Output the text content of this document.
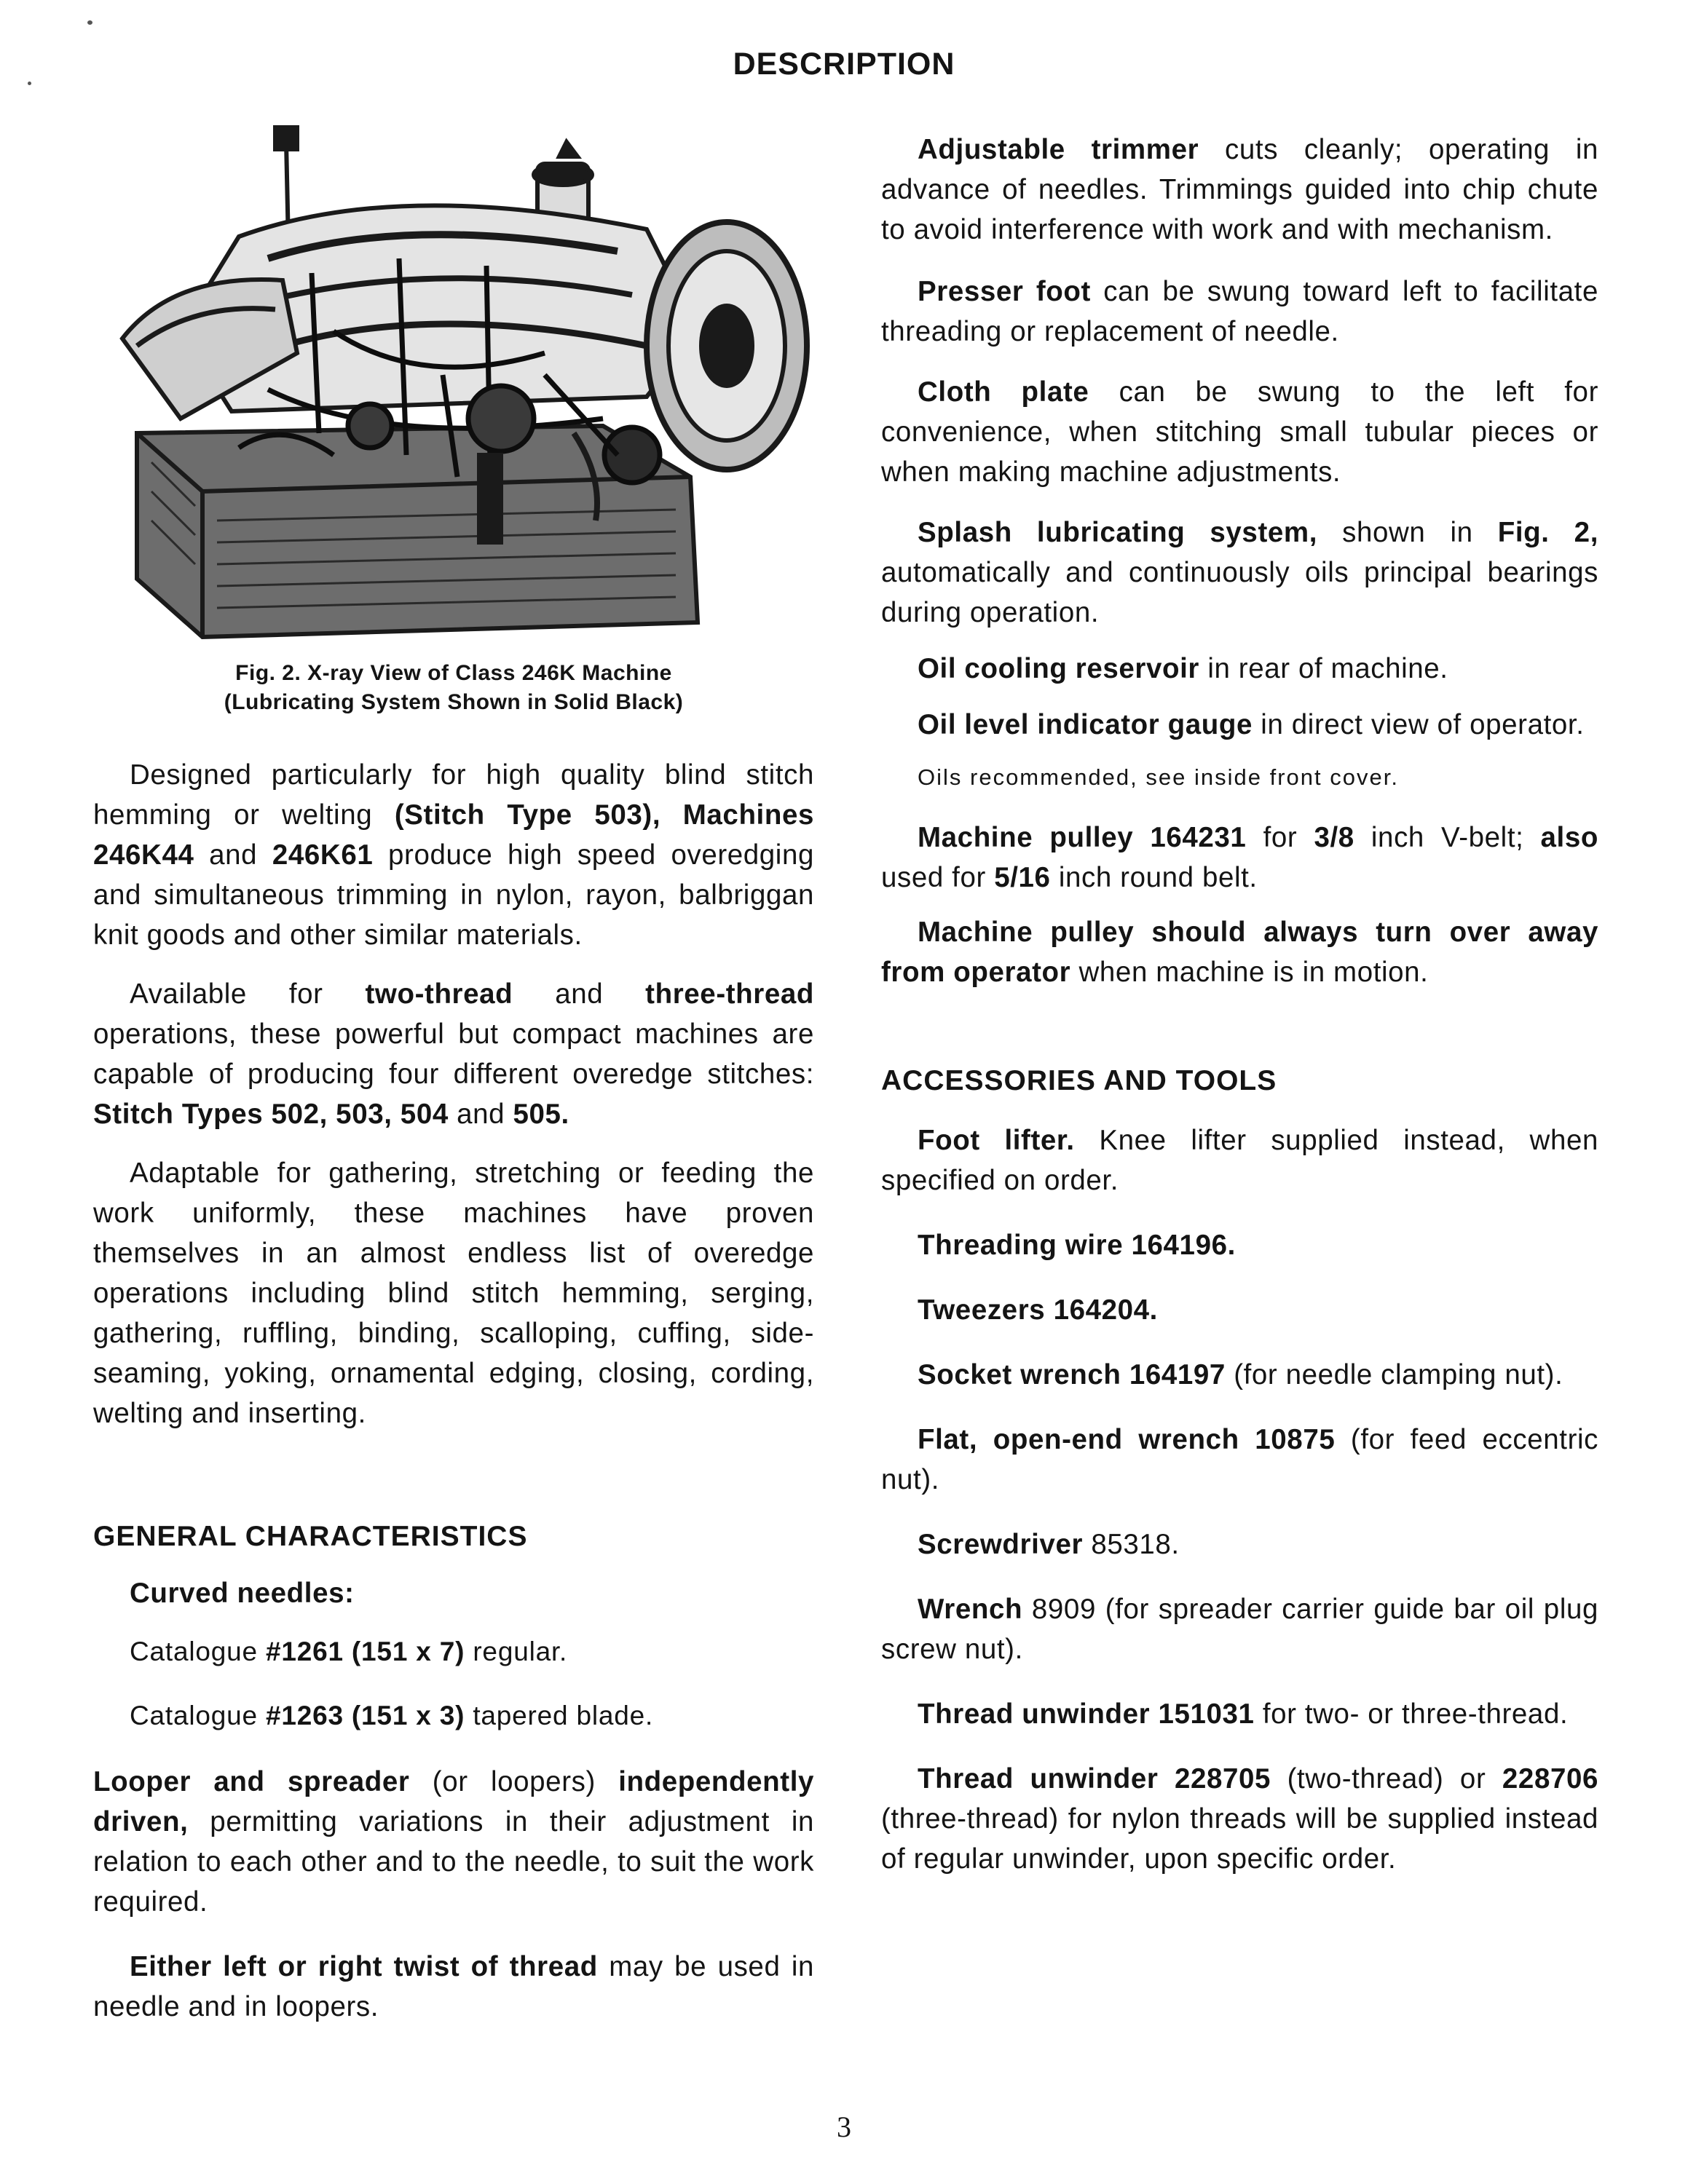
DESCRIPTION
Fig. 2. X-ray View of Class 246K Machine
(Lubricating System Shown in Solid Black)

Designed particularly for high quality blind stitch hemming or welting (Stitch Type 503), Machines 246K44 and 246K61 produce high speed overedging and simultaneous trimming in nylon, rayon, balbriggan knit goods and other similar materials.

Available for two-thread and three-thread operations, these powerful but compact machines are capable of producing four different overedge stitches: Stitch Types 502, 503, 504 and 505.

Adaptable for gathering, stretching or feeding the work uniformly, these machines have proven themselves in an almost endless list of overedge operations including blind stitch hemming, serging, gathering, ruffling, binding, scalloping, cuffing, side-seaming, yoking, ornamental edging, closing, cording, welting and inserting.

GENERAL CHARACTERISTICS

Curved needles:

Catalogue #1261 (151 x 7) regular.
Catalogue #1263 (151 x 3) tapered blade.

Looper and spreader (or loopers) independently driven, permitting variations in their adjustment in relation to each other and to the needle, to suit the work required.

Either left or right twist of thread may be used in needle and in loopers.

Adjustable trimmer cuts cleanly; operating in advance of needles. Trimmings guided into chip chute to avoid interference with work and with mechanism.

Presser foot can be swung toward left to facilitate threading or replacement of needle.

Cloth plate can be swung to the left for convenience, when stitching small tubular pieces or when making machine adjustments.

Splash lubricating system, shown in Fig. 2, automatically and continuously oils principal bearings during operation.

Oil cooling reservoir in rear of machine.

Oil level indicator gauge in direct view of operator.

Oils recommended, see inside front cover.

Machine pulley 164231 for 3/8 inch V-belt; also used for 5/16 inch round belt.

Machine pulley should always turn over away from operator when machine is in motion.

ACCESSORIES AND TOOLS

Foot lifter. Knee lifter supplied instead, when specified on order.

Threading wire 164196.

Tweezers 164204.

Socket wrench 164197 (for needle clamping nut).

Flat, open-end wrench 10875 (for feed eccentric nut).

Screwdriver 85318.

Wrench 8909 (for spreader carrier guide bar oil plug screw nut).

Thread unwinder 151031 for two- or three-thread.

Thread unwinder 228705 (two-thread) or 228706 (three-thread) for nylon threads will be supplied instead of regular unwinder, upon specific order.

3
